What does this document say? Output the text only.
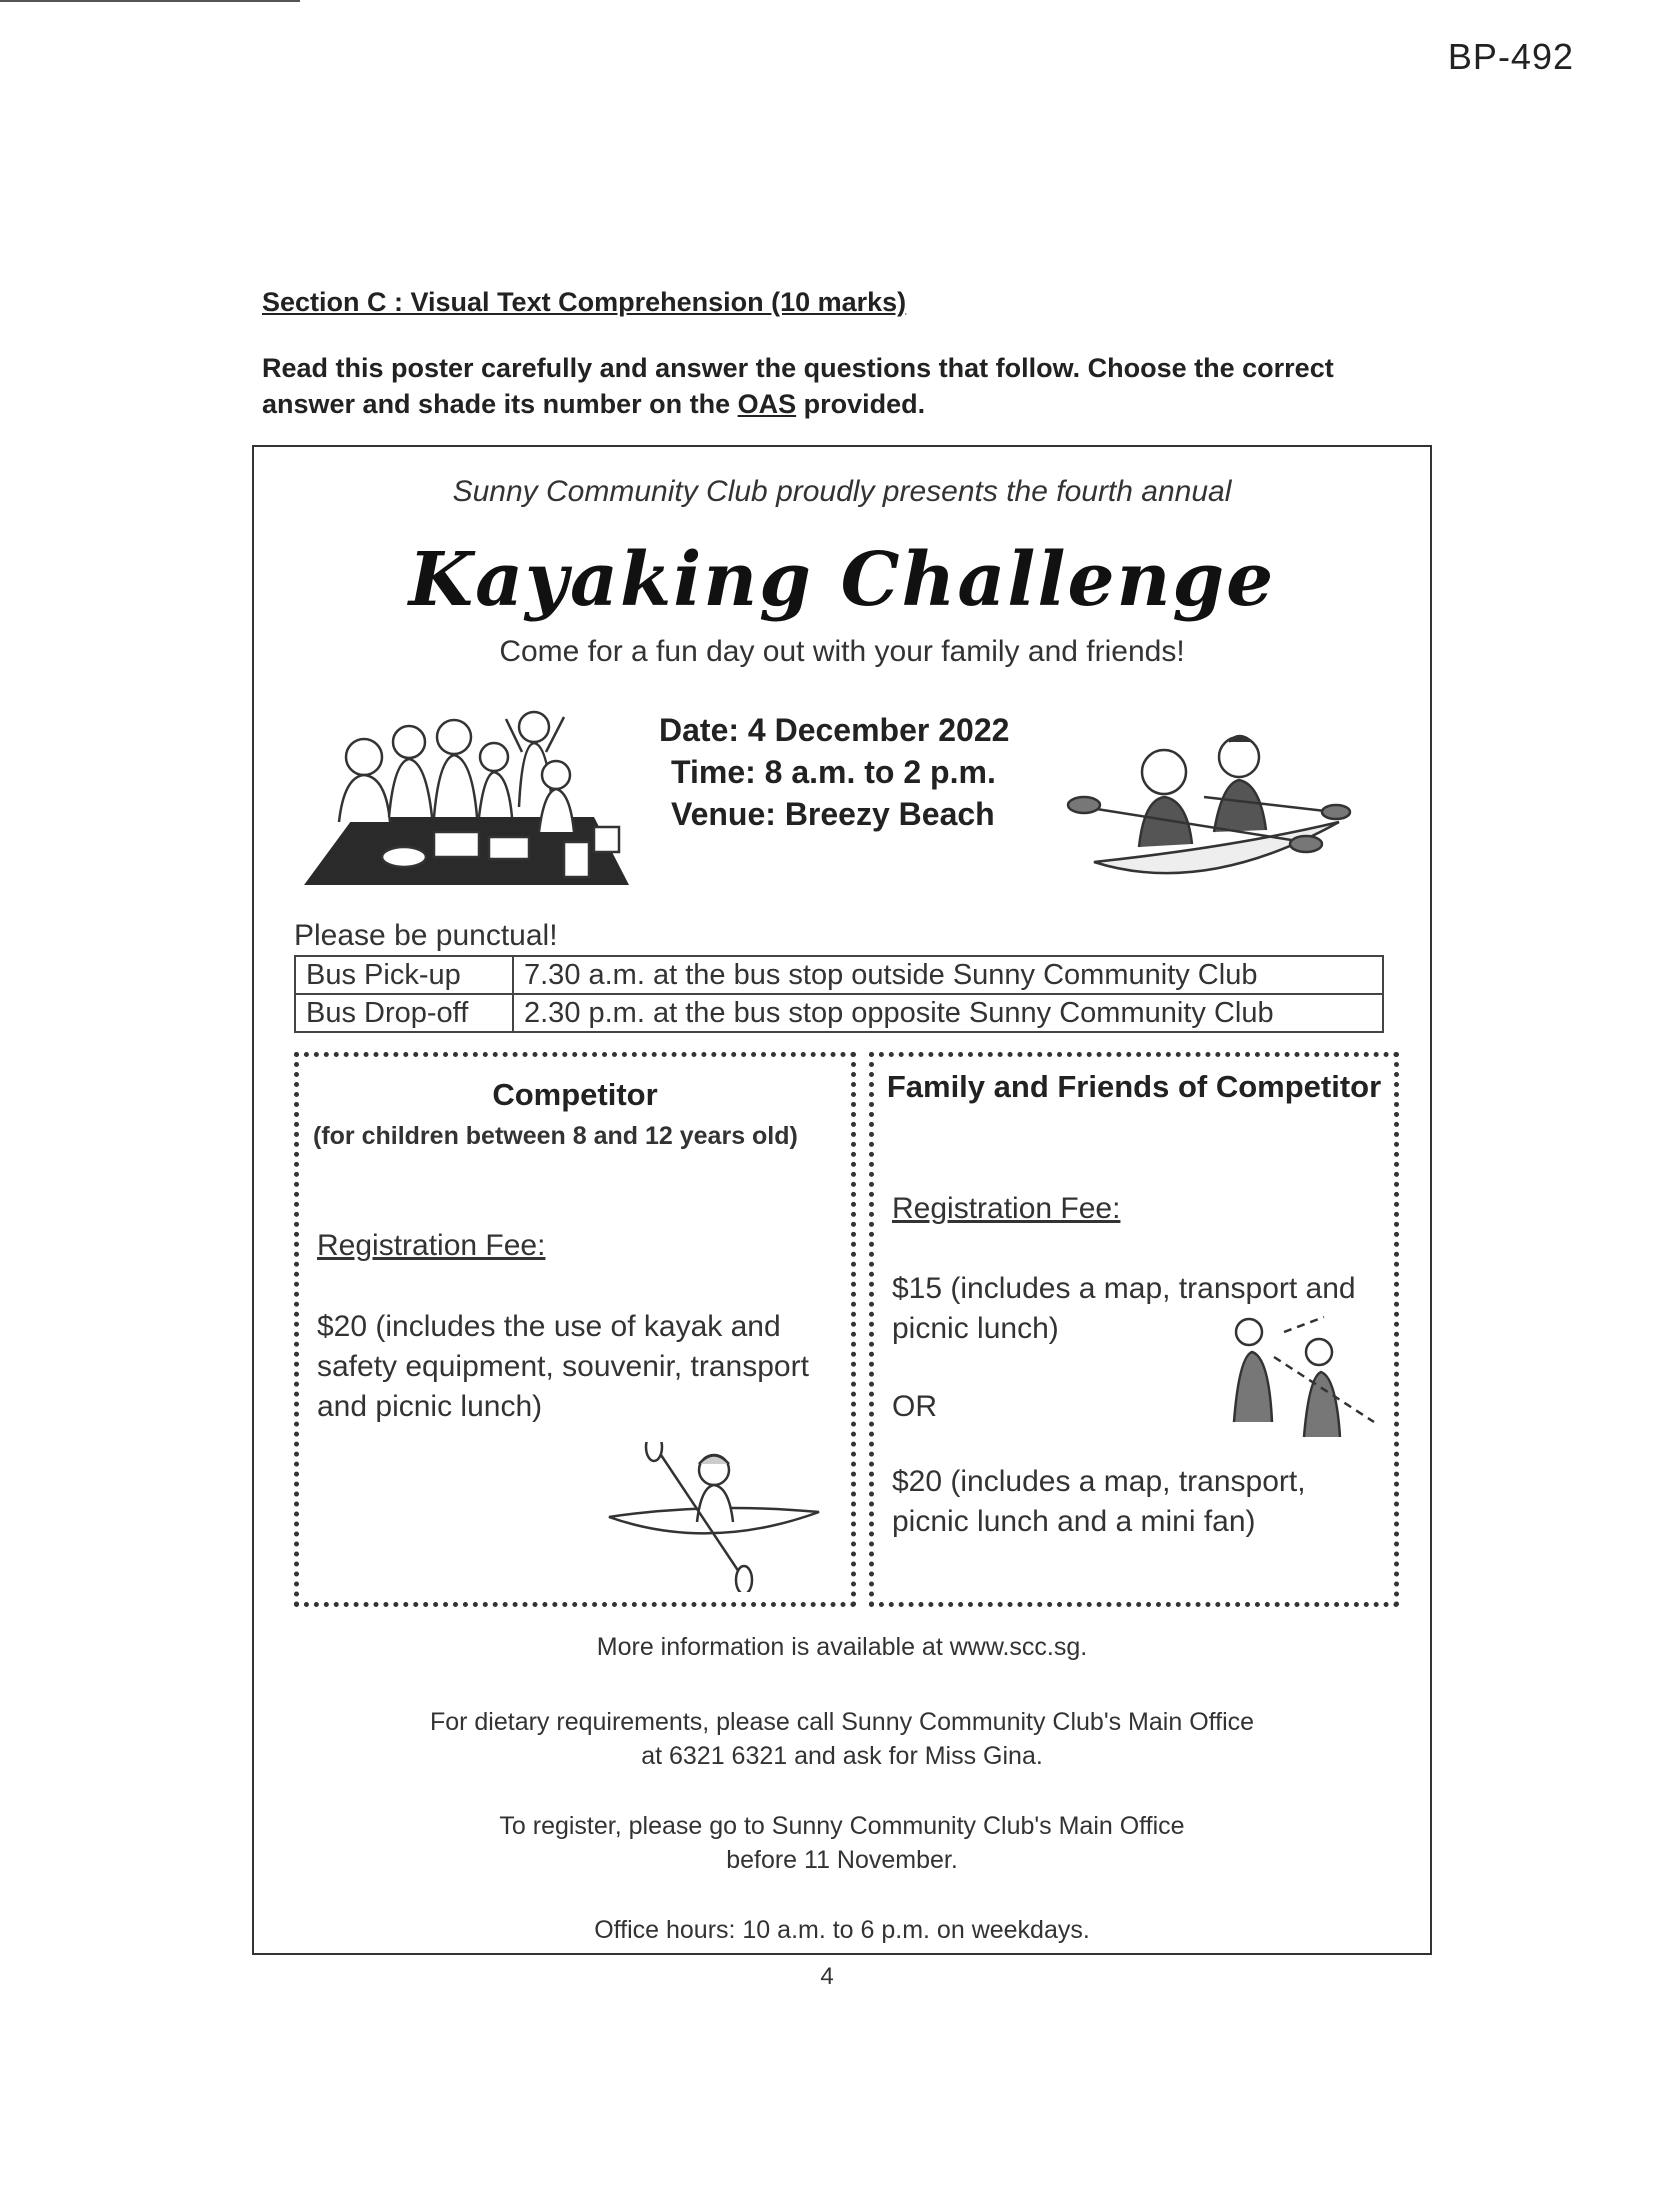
BP-492
Section C : Visual Text Comprehension (10 marks)
Read this poster carefully and answer the questions that follow. Choose the correct answer and shade its number on the OAS provided.
Sunny Community Club proudly presents the fourth annual
Kayaking Challenge
Come for a fun day out with your family and friends!
Date: 4 December 2022
Time: 8 a.m. to 2 p.m.
Venue: Breezy Beach
Please be punctual!
Bus Pick-up	7.30 a.m. at the bus stop outside Sunny Community Club
Bus Drop-off	2.30 p.m. at the bus stop opposite Sunny Community Club
Competitor
(for children between 8 and 12 years old)
Registration Fee:
$20 (includes the use of kayak and safety equipment, souvenir, transport and picnic lunch)
Family and Friends of Competitor
Registration Fee:
$15 (includes a map, transport and picnic lunch)
OR
$20 (includes a map, transport, picnic lunch and a mini fan)
More information is available at www.scc.sg.
For dietary requirements, please call Sunny Community Club's Main Office
at 6321 6321 and ask for Miss Gina.
To register, please go to Sunny Community Club's Main Office
before 11 November.
Office hours: 10 a.m. to 6 p.m. on weekdays.
4
